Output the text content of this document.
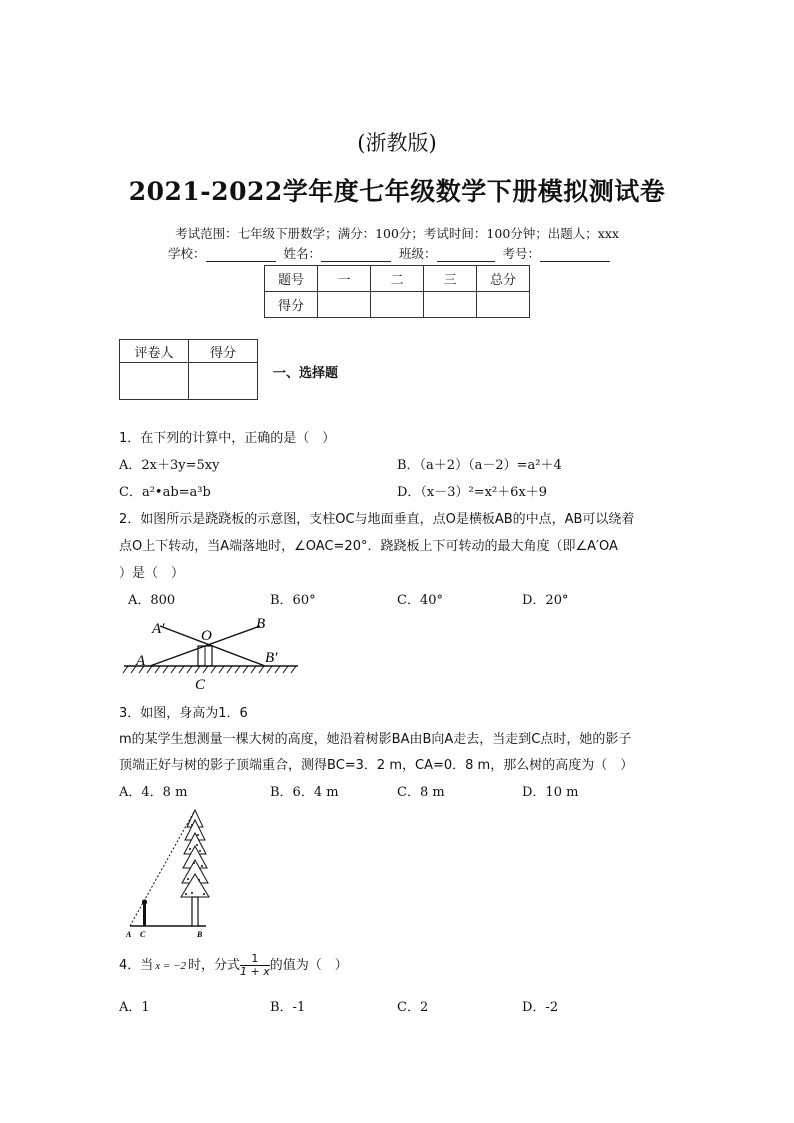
(浙教版)
2021-2022学年度七年级数学下册模拟测试卷
考试范围：七年级下册数学；满分：100分；考试时间：100分钟；出题人；xxx
学校：	姓名：	班级：	考号：
题号	一	二	三	总分
得分				
评卷人	得分

一、选择题
1．在下列的计算中，正确的是（　）
A．2x＋3y=5xy	B．（a＋2）（a－2）=a²＋4
C．a²•ab=a³b	D．（x－3）²=x²＋6x＋9
2．如图所示是跷跷板的示意图，支柱OC与地面垂直，点O是横板AB的中点，AB可以绕着
点O上下转动，当A端落地时，∠OAC=20°．跷跷板上下可转动的最大角度（即∠A′OA
）是（　）
A．800	B．60°	C．40°	D．20°
A′ O
B
A	B′
C
3．如图，身高为1．6
m的某学生想测量一棵大树的高度，她沿着树影BA由B向A走去，当走到C点时，她的影子
顶端正好与树的影子顶端重合，测得BC=3．2 m，CA=0．8 m，那么树的高度为（　）
A．4．8 m	B．6．4 m	C．8 m	D．10 m
A C	B
4．当 x = −2 时，分式 $\frac{1}{1 + x}$ 的值为（　）
A．1	B．-1	C．2	D．-2
